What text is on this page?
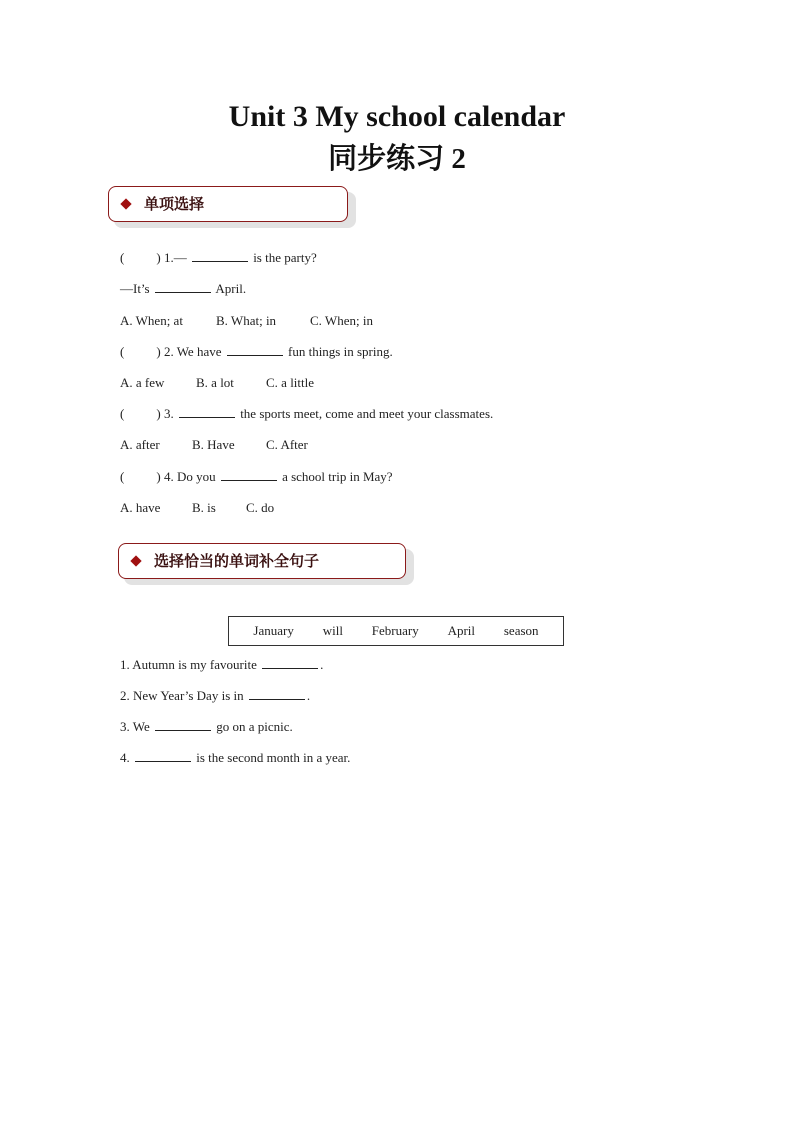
Unit 3 My school calendar
同步练习 2
单项选择
( ) 1.—	is the party?
—It’s	April.
A. When; at	B. What; in	C. When; in
( ) 2. We have	fun things in spring.
A. a few B. a lot C. a little
( ) 3.	the sports meet, come and meet your classmates.
A. after B. Have C. After
( ) 4. Do you	a school trip in May?
A. have B. is C. do
选择恰当的单词补全句子
January will February April season
1. Autumn is my favourite	.
2. New Year’s Day is in	.
3. We	go on a picnic.
4.	is the second month in a year.
